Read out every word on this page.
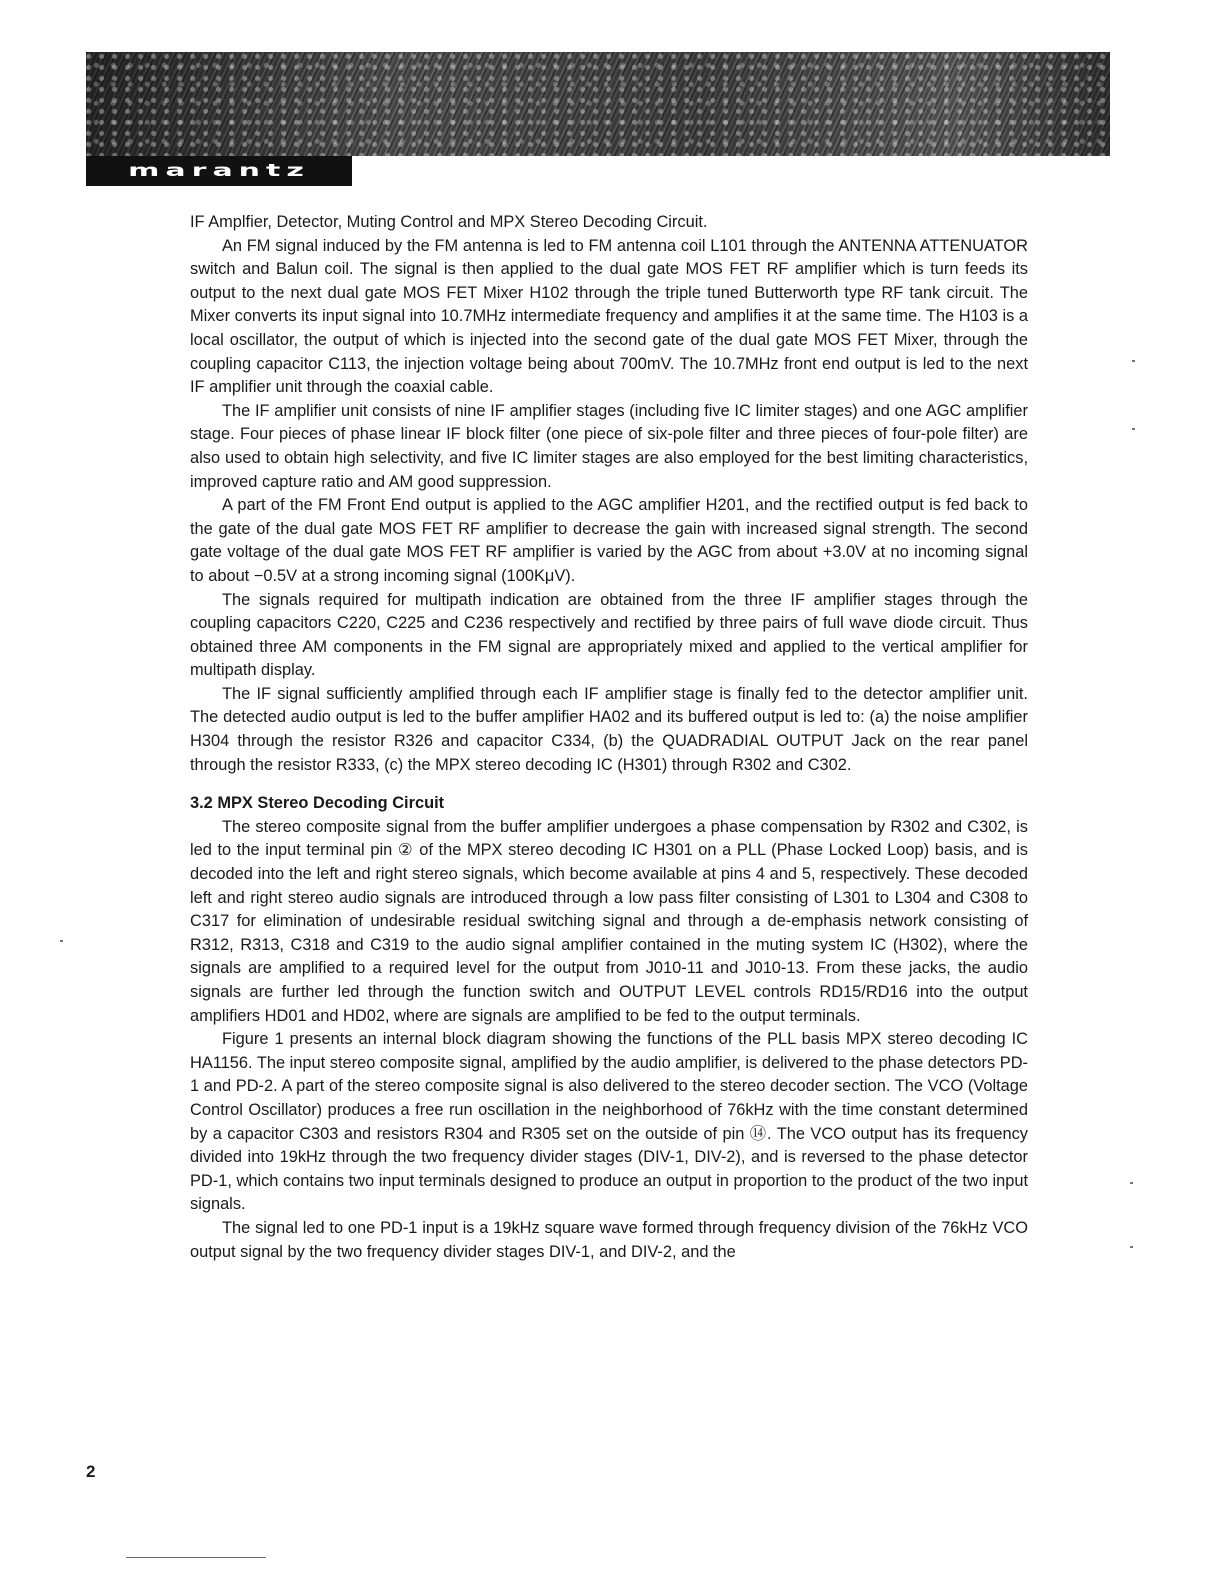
marantz

IF Amplfier, Detector, Muting Control and MPX Stereo Decoding Circuit.

An FM signal induced by the FM antenna is led to FM antenna coil L101 through the ANTENNA ATTENUATOR switch and Balun coil. The signal is then applied to the dual gate MOS FET RF amplifier which is turn feeds its output to the next dual gate MOS FET Mixer H102 through the triple tuned Butterworth type RF tank circuit. The Mixer converts its input signal into 10.7MHz intermediate frequency and amplifies it at the same time. The H103 is a local oscillator, the output of which is injected into the second gate of the dual gate MOS FET Mixer, through the coupling capacitor C113, the injection voltage being about 700mV. The 10.7MHz front end output is led to the next IF amplifier unit through the coaxial cable.

The IF amplifier unit consists of nine IF amplifier stages (including five IC limiter stages) and one AGC amplifier stage. Four pieces of phase linear IF block filter (one piece of six-pole filter and three pieces of four-pole filter) are also used to obtain high selectivity, and five IC limiter stages are also employed for the best limiting characteristics, improved capture ratio and AM good suppression.

A part of the FM Front End output is applied to the AGC amplifier H201, and the rectified output is fed back to the gate of the dual gate MOS FET RF amplifier to decrease the gain with increased signal strength. The second gate voltage of the dual gate MOS FET RF amplifier is varied by the AGC from about +3.0V at no incoming signal to about −0.5V at a strong incoming signal (100KμV).

The signals required for multipath indication are obtained from the three IF amplifier stages through the coupling capacitors C220, C225 and C236 respectively and rectified by three pairs of full wave diode circuit. Thus obtained three AM components in the FM signal are appropriately mixed and applied to the vertical amplifier for multipath display.

The IF signal sufficiently amplified through each IF amplifier stage is finally fed to the detector amplifier unit. The detected audio output is led to the buffer amplifier HA02 and its buffered output is led to: (a) the noise amplifier H304 through the resistor R326 and capacitor C334, (b) the QUADRADIAL OUTPUT Jack on the rear panel through the resistor R333, (c) the MPX stereo decoding IC (H301) through R302 and C302.

3.2 MPX Stereo Decoding Circuit

The stereo composite signal from the buffer amplifier undergoes a phase compensation by R302 and C302, is led to the input terminal pin ② of the MPX stereo decoding IC H301 on a PLL (Phase Locked Loop) basis, and is decoded into the left and right stereo signals, which become available at pins 4 and 5, respectively. These decoded left and right stereo audio signals are introduced through a low pass filter consisting of L301 to L304 and C308 to C317 for elimination of undesirable residual switching signal and through a de-emphasis network consisting of R312, R313, C318 and C319 to the audio signal amplifier contained in the muting system IC (H302), where the signals are amplified to a required level for the output from J010-11 and J010-13. From these jacks, the audio signals are further led through the function switch and OUTPUT LEVEL controls RD15/RD16 into the output amplifiers HD01 and HD02, where are signals are amplified to be fed to the output terminals.

Figure 1 presents an internal block diagram showing the functions of the PLL basis MPX stereo decoding IC HA1156. The input stereo composite signal, amplified by the audio amplifier, is delivered to the phase detectors PD-1 and PD-2. A part of the stereo composite signal is also delivered to the stereo decoder section. The VCO (Voltage Control Oscillator) produces a free run oscillation in the neighborhood of 76kHz with the time constant determined by a capacitor C303 and resistors R304 and R305 set on the outside of pin ⑭. The VCO output has its frequency divided into 19kHz through the two frequency divider stages (DIV-1, DIV-2), and is reversed to the phase detector PD-1, which contains two input terminals designed to produce an output in proportion to the product of the two input signals.

The signal led to one PD-1 input is a 19kHz square wave formed through frequency division of the 76kHz VCO output signal by the two frequency divider stages DIV-1, and DIV-2, and the

2
